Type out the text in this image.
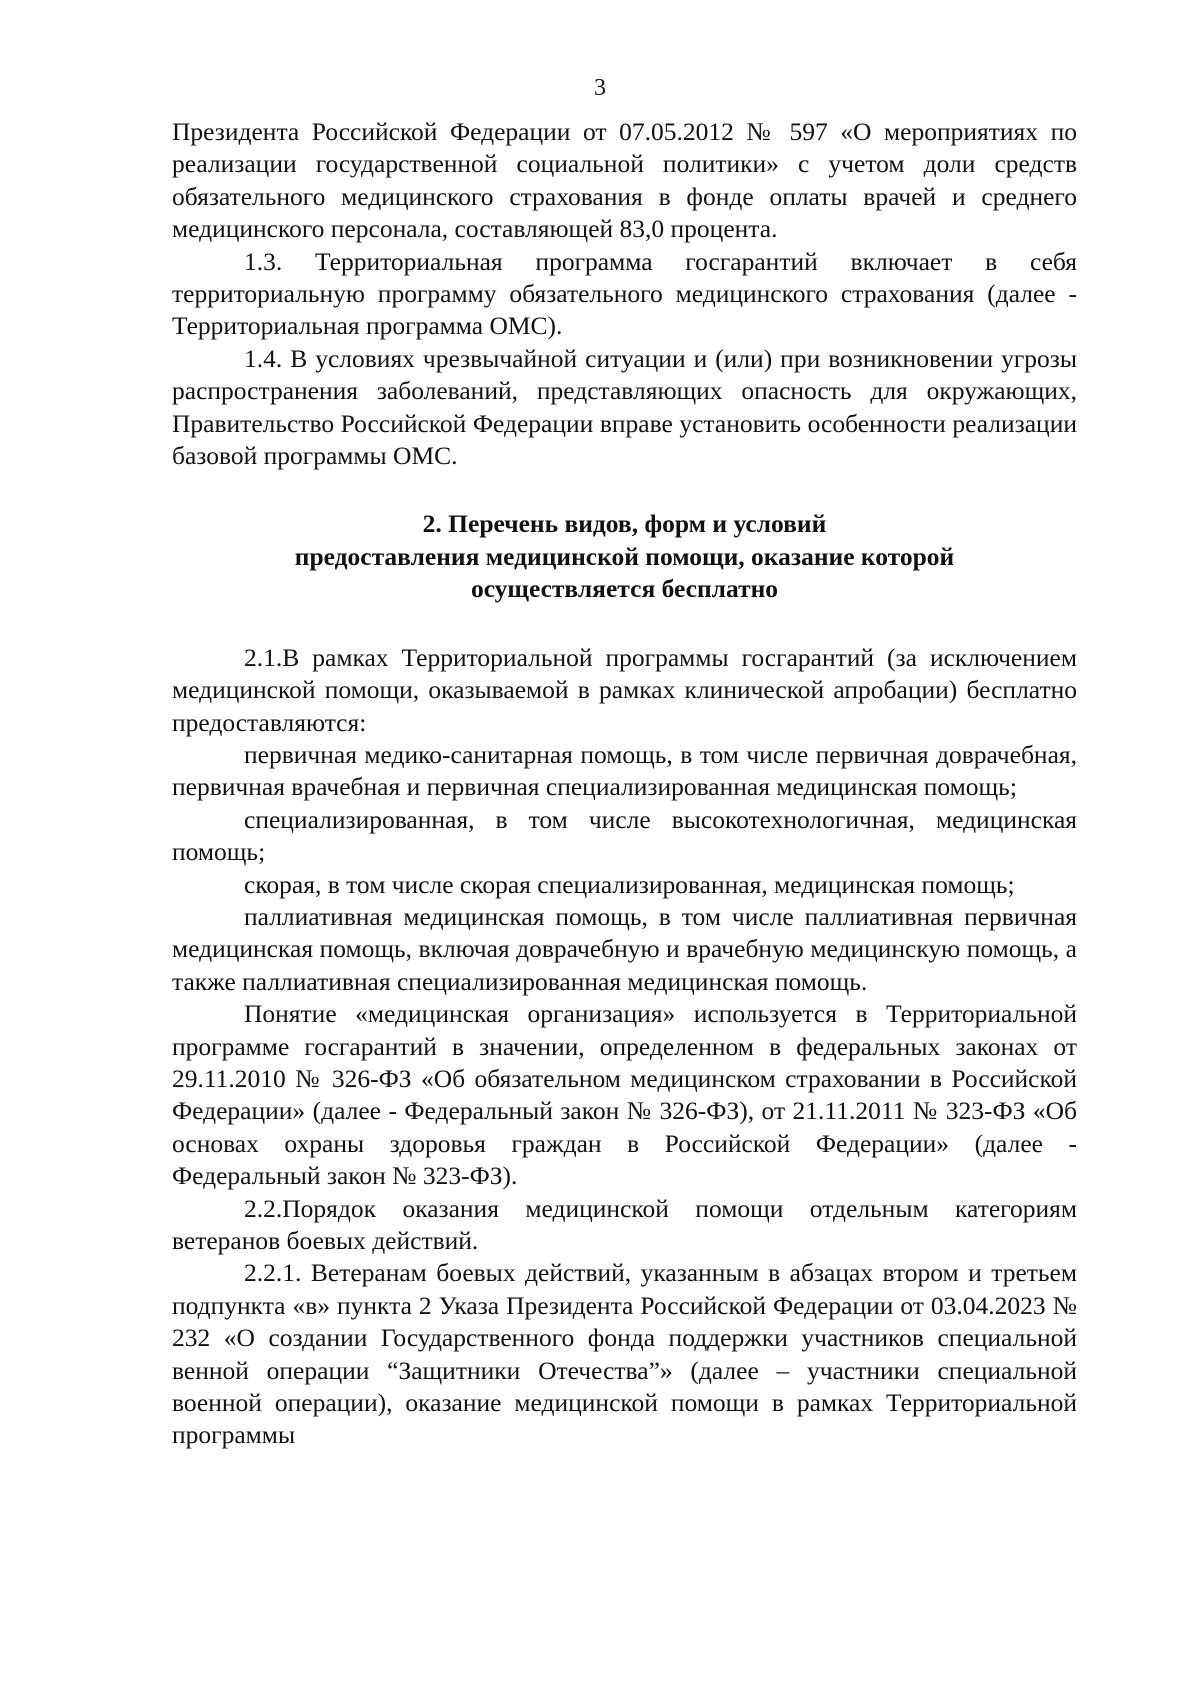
3

Президента Российской Федерации от 07.05.2012 № 597 «О мероприятиях по реализации государственной социальной политики» с учетом доли средств обязательного медицинского страхования в фонде оплаты врачей и среднего медицинского персонала, составляющей 83,0 процента.

1.3. Территориальная программа госгарантий включает в себя территориальную программу обязательного медицинского страхования (далее - Территориальная программа ОМС).

1.4. В условиях чрезвычайной ситуации и (или) при возникновении угрозы распространения заболеваний, представляющих опасность для окружающих, Правительство Российской Федерации вправе установить особенности реализации базовой программы ОМС.

2. Перечень видов, форм и условий
предоставления медицинской помощи, оказание которой
осуществляется бесплатно

2.1.В рамках Территориальной программы госгарантий (за исключением медицинской помощи, оказываемой в рамках клинической апробации) бесплатно предоставляются:

первичная медико-санитарная помощь, в том числе первичная доврачебная, первичная врачебная и первичная специализированная медицинская помощь;

специализированная, в том числе высокотехнологичная, медицинская помощь;

скорая, в том числе скорая специализированная, медицинская помощь;

паллиативная медицинская помощь, в том числе паллиативная первичная медицинская помощь, включая доврачебную и врачебную медицинскую помощь, а также паллиативная специализированная медицинская помощь.

Понятие «медицинская организация» используется в Территориальной программе госгарантий в значении, определенном в федеральных законах от 29.11.2010 № 326-ФЗ «Об обязательном медицинском страховании в Российской Федерации» (далее - Федеральный закон № 326-ФЗ), от 21.11.2011 № 323-ФЗ «Об основах охраны здоровья граждан в Российской Федерации» (далее - Федеральный закон № 323-ФЗ).

2.2.Порядок оказания медицинской помощи отдельным категориям ветеранов боевых действий.

2.2.1. Ветеранам боевых действий, указанным в абзацах втором и третьем подпункта «в» пункта 2 Указа Президента Российской Федерации от 03.04.2023 № 232 «О создании Государственного фонда поддержки участников специальной венной операции “Защитники Отечества”» (далее – участники специальной военной операции), оказание медицинской помощи в рамках Территориальной программы
